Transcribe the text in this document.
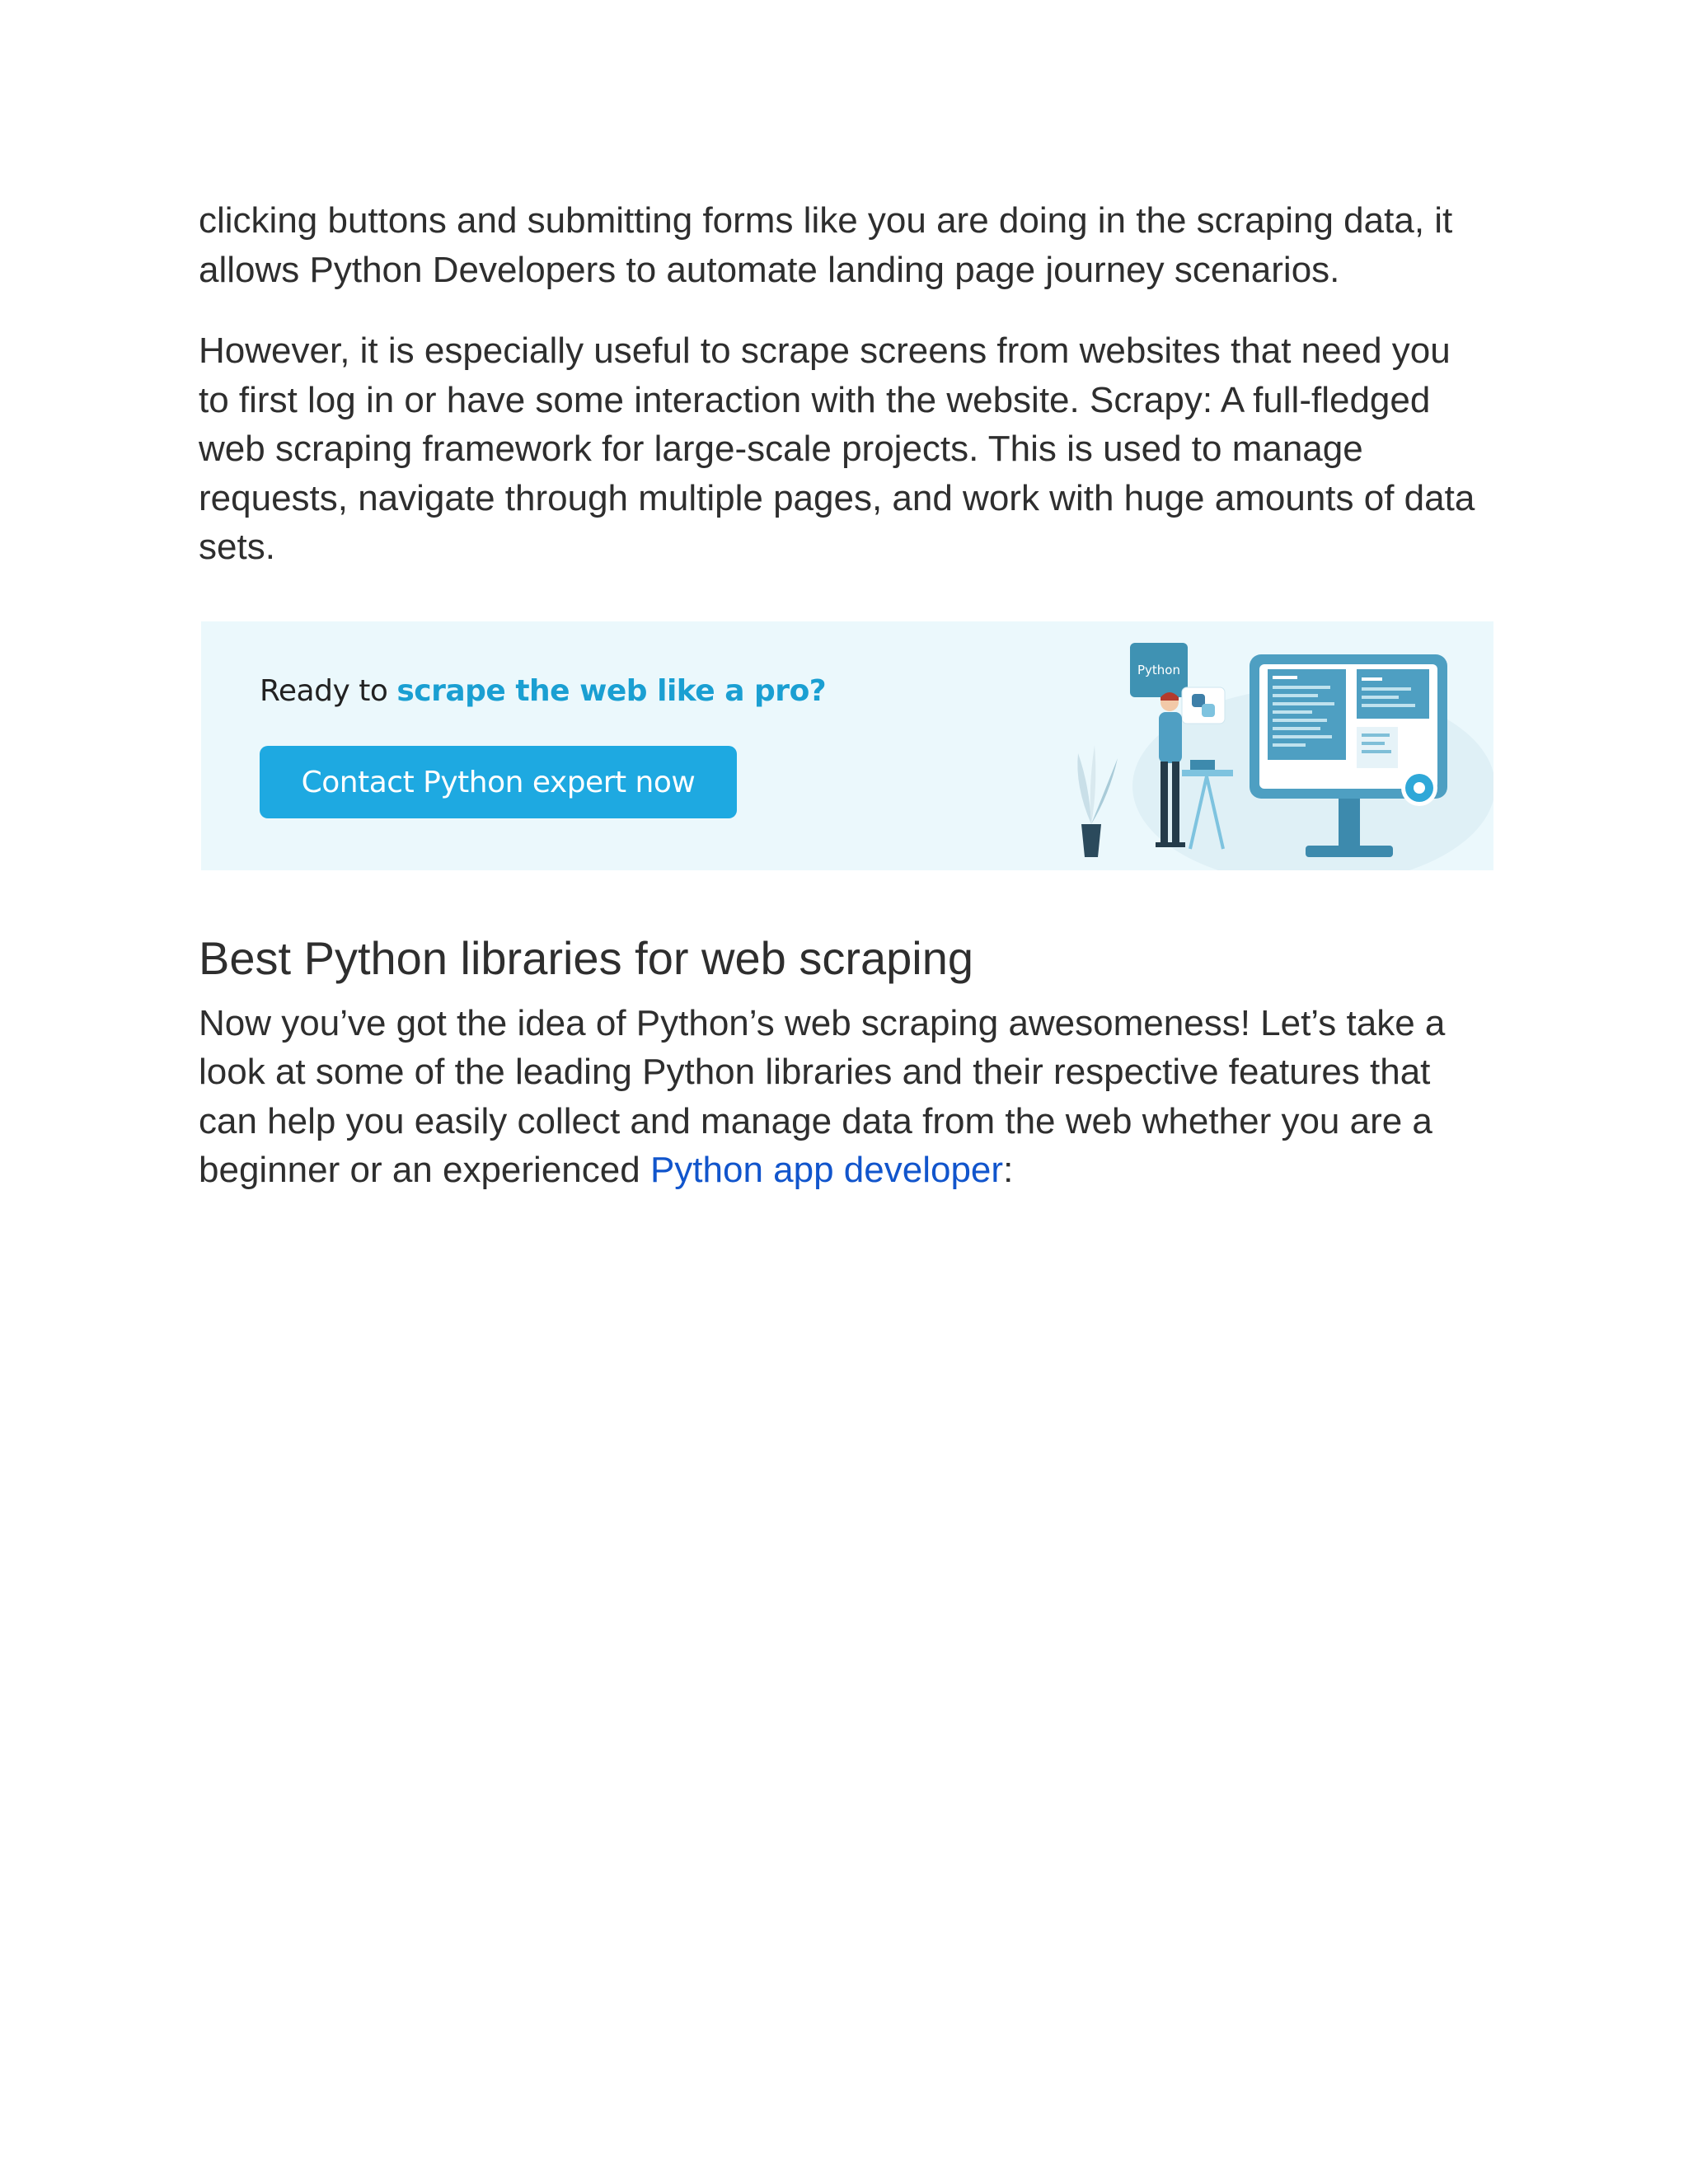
clicking buttons and submitting forms like you are doing in the scraping data, it allows Python Developers to automate landing page journey scenarios.

However, it is especially useful to scrape screens from websites that need you to first log in or have some interaction with the website. Scrapy: A full-fledged web scraping framework for large-scale projects. This is used to manage requests, navigate through multiple pages, and work with huge amounts of data sets.

Ready to scrape the web like a pro?
Contact Python expert now
Python
Best Python libraries for web scraping

Now you’ve got the idea of Python’s web scraping awesomeness! Let’s take a look at some of the leading Python libraries and their respective features that can help you easily collect and manage data from the web whether you are a beginner or an experienced Python app developer:
